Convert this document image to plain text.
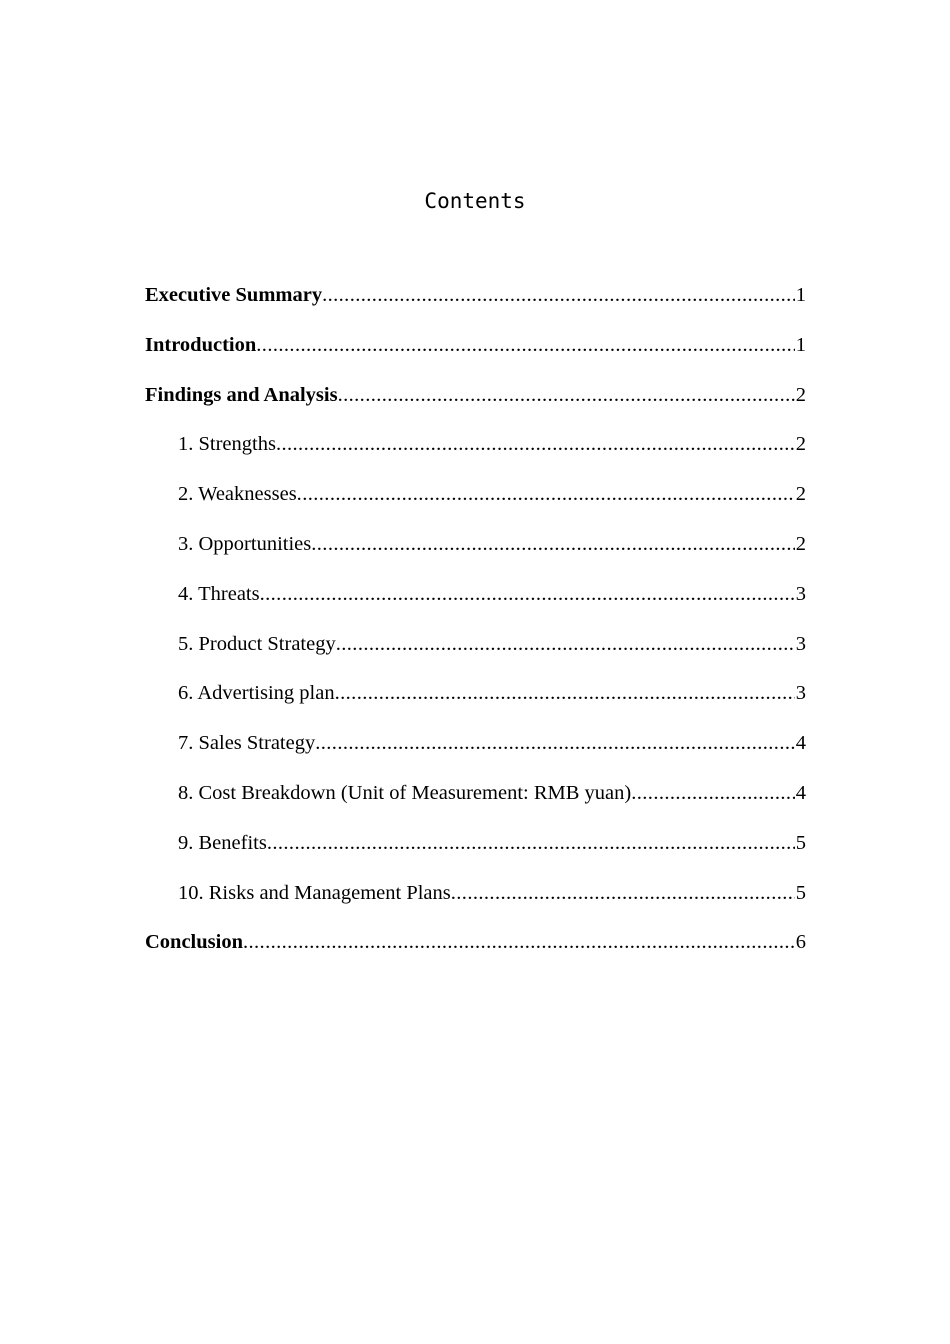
Contents
Executive Summary .....	1
Introduction .....	1
Findings and Analysis .....	2
1. Strengths .....	2
2. Weaknesses .....	2
3. Opportunities .....	2
4. Threats .....	3
5. Product Strategy .....	3
6. Advertising plan .....	3
7. Sales Strategy .....	4
8. Cost Breakdown (Unit of Measurement: RMB yuan) .....	4
9. Benefits .....	5
10. Risks and Management Plans .....	5
Conclusion .....	6
